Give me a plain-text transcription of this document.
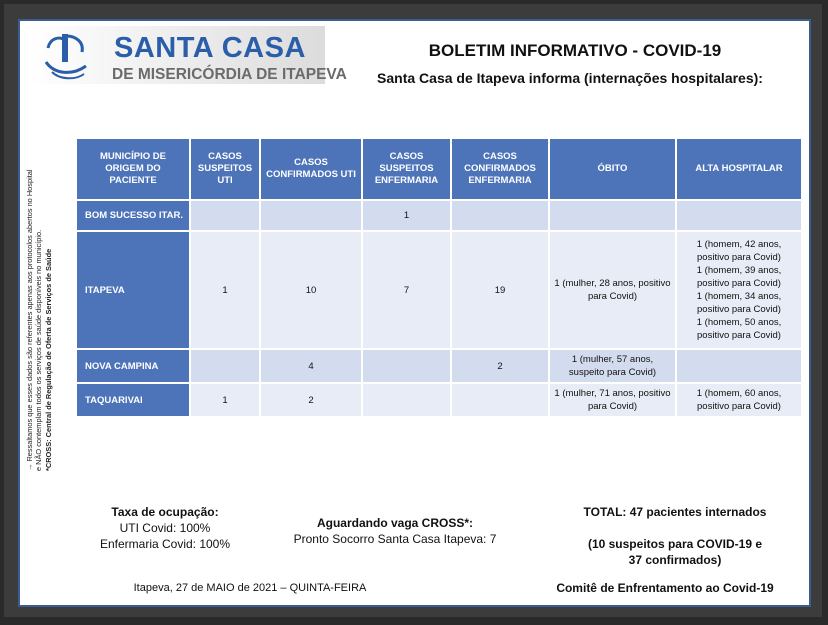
SANTA CASA
DE MISERICÓRDIA DE ITAPEVA
BOLETIM INFORMATIVO - COVID-19
Santa Casa de Itapeva informa (internações hospitalares):
→ Ressaltamos que esses dados são referentes apenas aos protocolos abertos no Hospital e NÃO contemplam todos os serviços de saúde disponíveis no município. *CROSS: Central de Regulação de Oferta de Serviços de Saúde
MUNICÍPIO DE ORIGEM DO PACIENTE	CASOS SUSPEITOS UTI	CASOS CONFIRMADOS UTI	CASOS SUSPEITOS ENFERMARIA	CASOS CONFIRMADOS ENFERMARIA	ÓBITO	ALTA HOSPITALAR
BOM SUCESSO ITAR.			1			
ITAPEVA	1	10	7	19	1 (mulher, 28 anos, positivo para Covid)	1 (homem, 42 anos, positivo para Covid)
1 (homem, 39 anos, positivo para Covid)
1 (homem, 34 anos, positivo para Covid)
1 (homem, 50 anos, positivo para Covid)
NOVA CAMPINA		4		2	1 (mulher, 57 anos, suspeito para Covid)	
TAQUARIVAI	1	2			1 (mulher, 71 anos, positivo para Covid)	1 (homem, 60 anos, positivo para Covid)
Taxa de ocupação:
UTI Covid: 100%
Enfermaria Covid: 100%
Aguardando vaga CROSS*:
Pronto Socorro Santa Casa Itapeva: 7
TOTAL: 47 pacientes internados
(10 suspeitos para COVID-19 e
37 confirmados)
Itapeva, 27 de MAIO de 2021 – QUINTA-FEIRA	Comitê de Enfrentamento ao Covid-19
